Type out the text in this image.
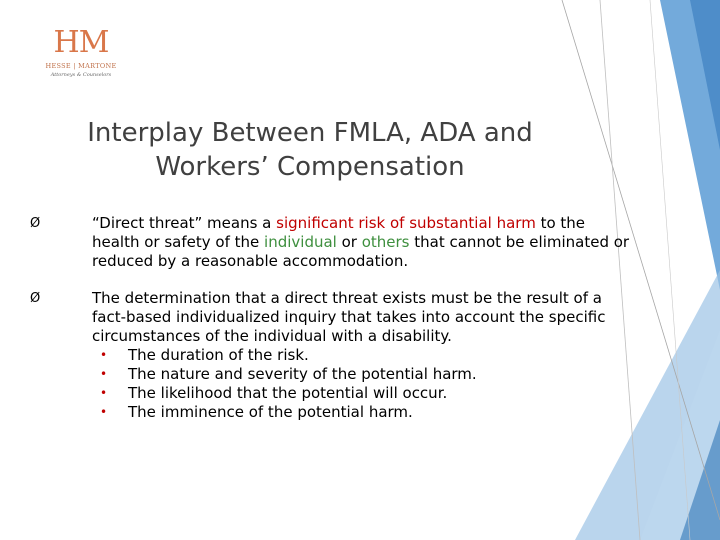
HM
HESSE | MARTONE
Attorneys & Counselors
Interplay Between FMLA, ADA and
Workers’ Compensation
Ø	“Direct threat” means a significant risk of substantial harm to the health or safety of the individual or others that cannot be eliminated or reduced by a reasonable accommodation.
Ø	The determination that a direct threat exists must be the result of a fact-based individualized inquiry that takes into account the specific circumstances of the individual with a disability.
• The duration of the risk.
• The nature and severity of the potential harm.
• The likelihood that the potential will occur.
• The imminence of the potential harm.
